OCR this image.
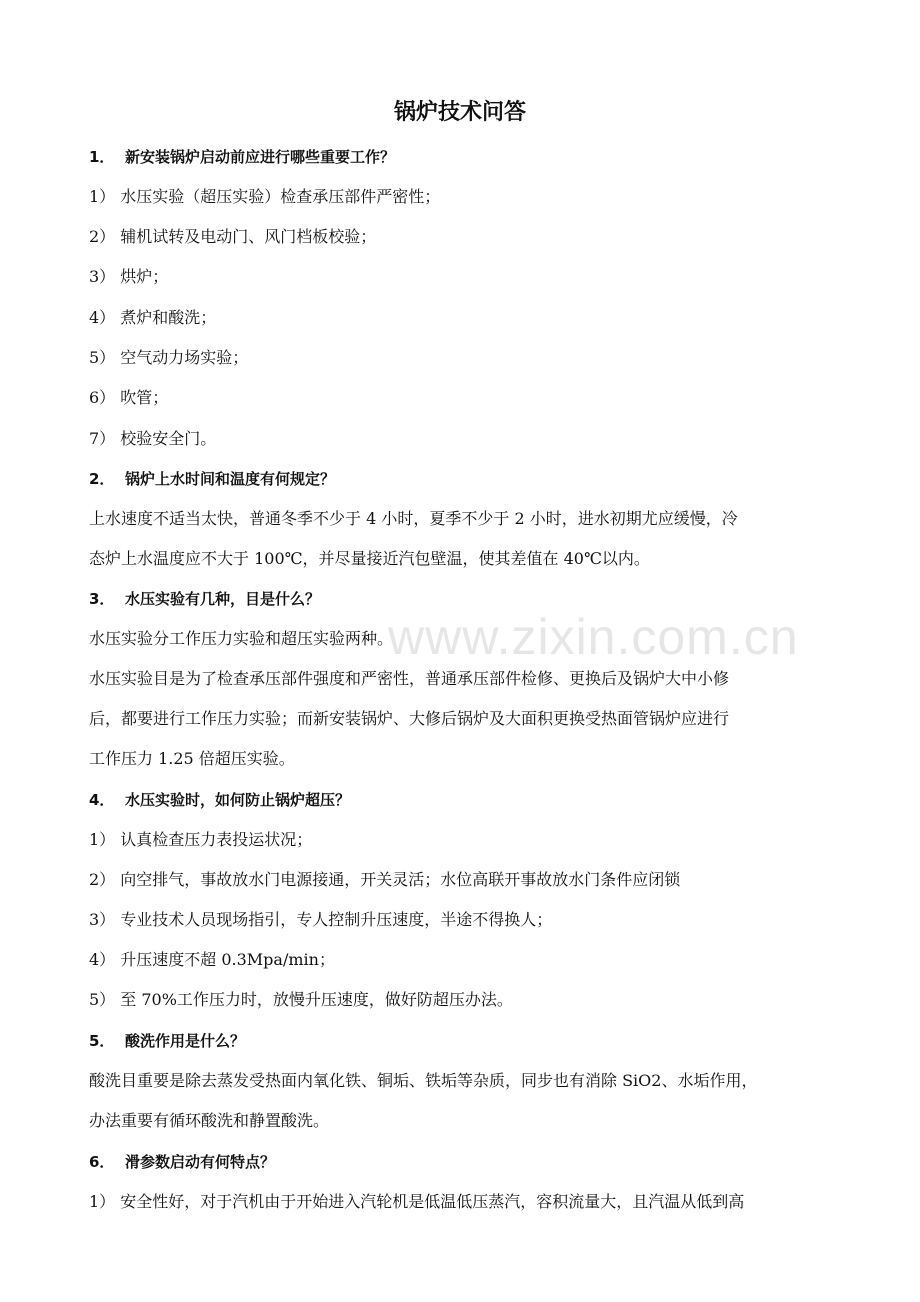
锅炉技术问答
1． 新安装锅炉启动前应进行哪些重要工作？
1） 水压实验（超压实验）检查承压部件严密性；
2） 辅机试转及电动门、风门档板校验；
3） 烘炉；
4） 煮炉和酸洗；
5） 空气动力场实验；
6） 吹管；
7） 校验安全门。
2． 锅炉上水时间和温度有何规定？
上水速度不适当太快，普通冬季不少于 4 小时，夏季不少于 2 小时，进水初期尤应缓慢，冷
态炉上水温度应不大于 100℃，并尽量接近汽包壁温，使其差值在 40℃以内。
3． 水压实验有几种，目是什么？
水压实验分工作压力实验和超压实验两种。
水压实验目是为了检查承压部件强度和严密性，普通承压部件检修、更换后及锅炉大中小修
后，都要进行工作压力实验；而新安装锅炉、大修后锅炉及大面积更换受热面管锅炉应进行
工作压力 1.25 倍超压实验。
4． 水压实验时，如何防止锅炉超压？
1） 认真检查压力表投运状况；
2） 向空排气，事故放水门电源接通，开关灵活；水位高联开事故放水门条件应闭锁
3） 专业技术人员现场指引，专人控制升压速度，半途不得换人；
4） 升压速度不超 0.3Mpa/min；
5） 至 70%工作压力时，放慢升压速度，做好防超压办法。
5． 酸洗作用是什么？
酸洗目重要是除去蒸发受热面内氧化铁、铜垢、铁垢等杂质，同步也有消除 SiO2、水垢作用，
办法重要有循环酸洗和静置酸洗。
6． 滑参数启动有何特点？
1） 安全性好，对于汽机由于开始进入汽轮机是低温低压蒸汽，容积流量大，且汽温从低到高
www.zixin.com.cn
